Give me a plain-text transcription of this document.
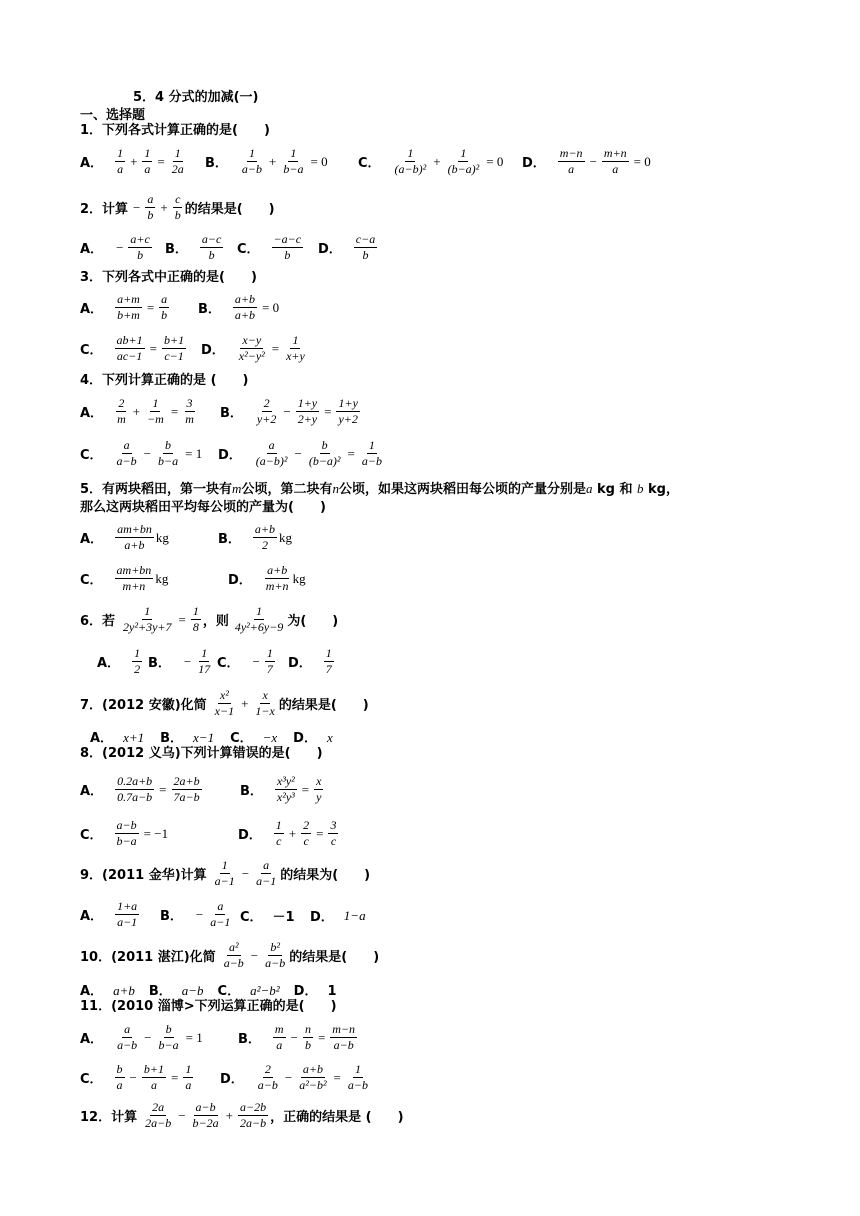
5．4 分式的加减(一)
一、选择题
1．下列各式计算正确的是(　　)
A． $\frac{1}{a} + \frac{1}{a} = \frac{1}{2a}$ B． $\frac{1}{a-b} + \frac{1}{b-a} = 0$ C． $\frac{1}{\text{(a−b)²}} + \frac{1}{\text{(b−a)²}} = 0$ D． $\frac{m-n}{a} - \frac{m+n}{a} = 0$
2．计算 − $\frac{a}{b} + \frac{c}{b}$ 的结果是(　　)
A． − $\frac{a+c}{b}$ B． $\frac{a-c}{b}$ C． $\frac{-a-c}{b}$ D． $\frac{c-a}{b}$
3．下列各式中正确的是(　　)
A． $\frac{a+m}{b+m} = \frac{a}{b}$ B． $\frac{a+b}{a+b} = 0$
C． $\frac{ab+1}{ac-1} = \frac{b+1}{c-1}$ D． $\frac{x-y}{\text{x²−y²}} = \frac{1}{x+y}$
4．下列计算正确的是 (　　)
A． $\frac{2}{m} + \frac{1}{-m} = \frac{3}{m}$ B． $\frac{2}{y+2} - \frac{1+y}{2+y} = \frac{1+y}{y+2}$
C． $\frac{a}{a-b} - \frac{b}{b-a} = 1$ D． $\frac{a}{\text{(a−b)²}} - \frac{b}{\text{(b−a)²}} = \frac{1}{a-b}$
5．有两块稻田，第一块有m公顷，第二块有n公顷，如果这两块稻田每公顷的产量分别是a kg 和 b kg，
那么这两块稻田平均每公顷的产量为(　　)
A． $\frac{am+bn}{a+b}$ kg	B． $\frac{a+b}{2}$ kg
C． $\frac{am+bn}{m+n}$ kg	D． $\frac{a+b}{m+n}$ kg
6．若 $\frac{1}{\text{2y²+3y+7}} = \frac{1}{8}$ ，则 $\frac{1}{\text{4y²+6y−9}}$ 为(　　)
A． $\frac{1}{2}$ B． − $\frac{1}{17}$ C． − $\frac{1}{7}$ D． $\frac{1}{7}$
7．(2012 安徽)化简 $\frac{\text{x²}}{x-1} + \frac{x}{1-x}$ 的结果是(　　)
A． x+1	B． x−1	C． −x	D． x
8．(2012 义乌)下列计算错误的是(　　)
A． $\frac{0.2a+b}{0.7a-b} = \frac{2a+b}{7a-b}$	B． $\frac{\text{x³y²}}{\text{x²y³}} = \frac{x}{y}$
C． $\frac{a-b}{b-a} = -1$	D． $\frac{1}{c} + \frac{2}{c} = \frac{3}{c}$
9．(2011 金华)计算 $\frac{1}{a-1} - \frac{a}{a-1}$ 的结果为(　　)
A． $\frac{1+a}{a-1}$ B． − $\frac{a}{a-1}$ C． －1 D． 1−a
10．(2011 湛江)化简 $\frac{\text{a²}}{a-b} - \frac{\text{b²}}{a-b}$ 的结果是(　　)
A． a+b	B． a−b	C． a²−b²	D． 1
11．(2010 淄博>下列运算正确的是(　　)
A． $\frac{a}{a-b} - \frac{b}{b-a} = 1$	B． $\frac{m}{a} - \frac{n}{b} = \frac{m-n}{a-b}$
C． $\frac{b}{a} - \frac{b+1}{a} = \frac{1}{a}$ D． $\frac{2}{a-b} - \frac{a+b}{\text{a²−b²}} = \frac{1}{a-b}$
12．计算 $\frac{2a}{2a-b} - \frac{a-b}{b-2a} + \frac{a-2b}{2a-b}$ ，正确的结果是 (　　)
